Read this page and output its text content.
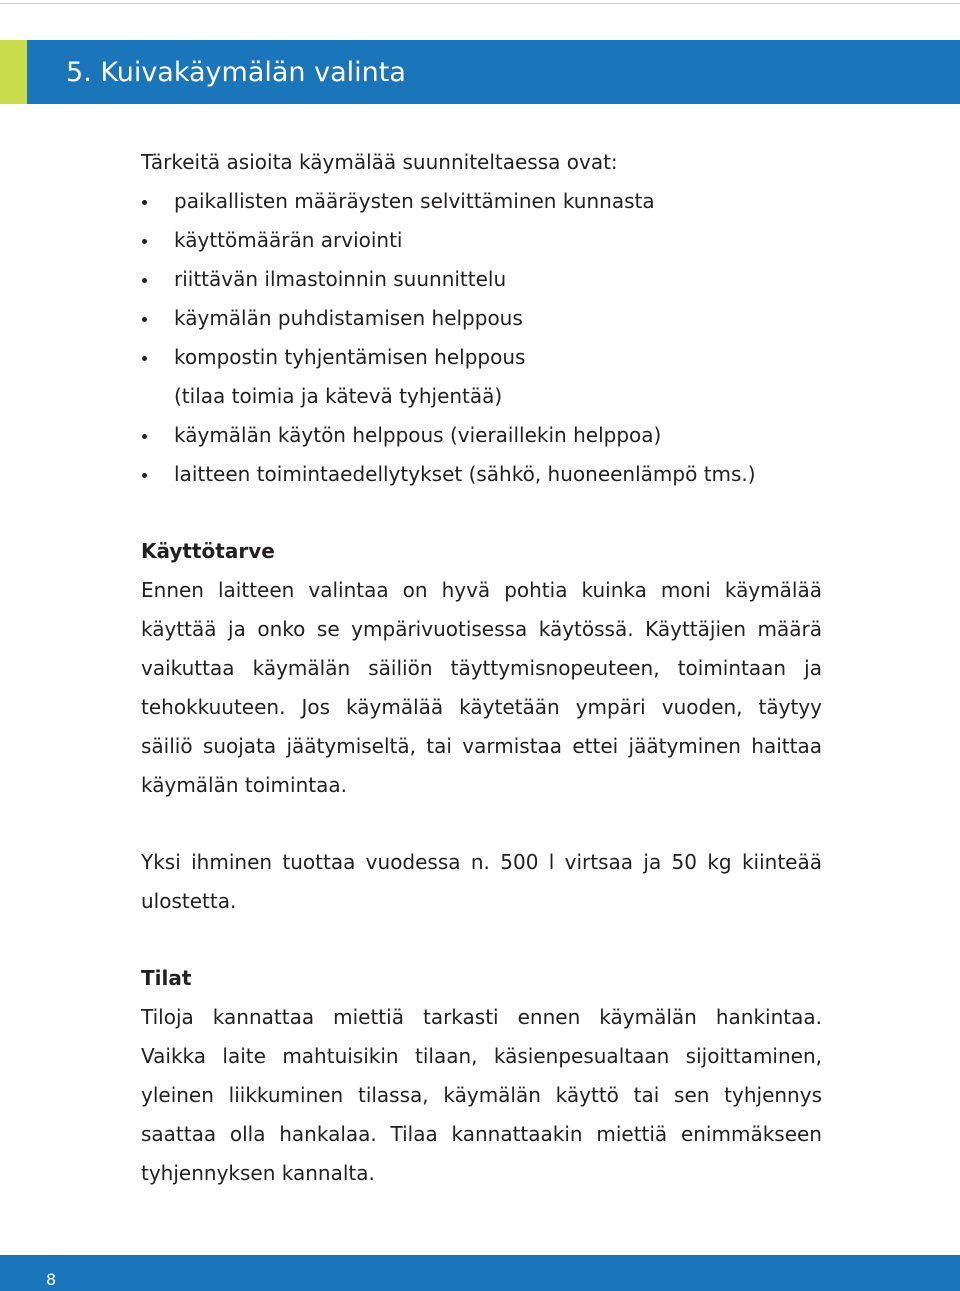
5. Kuivakäymälän valinta
Tärkeitä asioita käymälää suunniteltaessa ovat:
paikallisten määräysten selvittäminen kunnasta
käyttömäärän arviointi
riittävän ilmastoinnin suunnittelu
käymälän puhdistamisen helppous
kompostin tyhjentämisen helppous
(tilaa toimia ja kätevä tyhjentää)
käymälän käytön helppous (vieraillekin helppoa)
laitteen toimintaedellytykset (sähkö, huoneenlämpö tms.)
Käyttötarve
Ennen laitteen valintaa on hyvä pohtia kuinka moni käymälää
käyttää ja onko se ympärivuotisessa käytössä. Käyttäjien määrä
vaikuttaa käymälän säiliön täyttymisnopeuteen, toimintaan ja
tehokkuuteen. Jos käymälää käytetään ympäri vuoden, täytyy
säiliö suojata jäätymiseltä, tai varmistaa ettei jäätyminen haittaa
käymälän toimintaa.
Yksi ihminen tuottaa vuodessa n. 500 l virtsaa ja 50 kg kiinteää
ulostetta.
Tilat
Tiloja kannattaa miettiä tarkasti ennen käymälän hankintaa.
Vaikka laite mahtuisikin tilaan, käsienpesualtaan sijoittaminen,
yleinen liikkuminen tilassa, käymälän käyttö tai sen tyhjennys
saattaa olla hankalaa. Tilaa kannattaakin miettiä enimmäkseen
tyhjennyksen kannalta.
8
